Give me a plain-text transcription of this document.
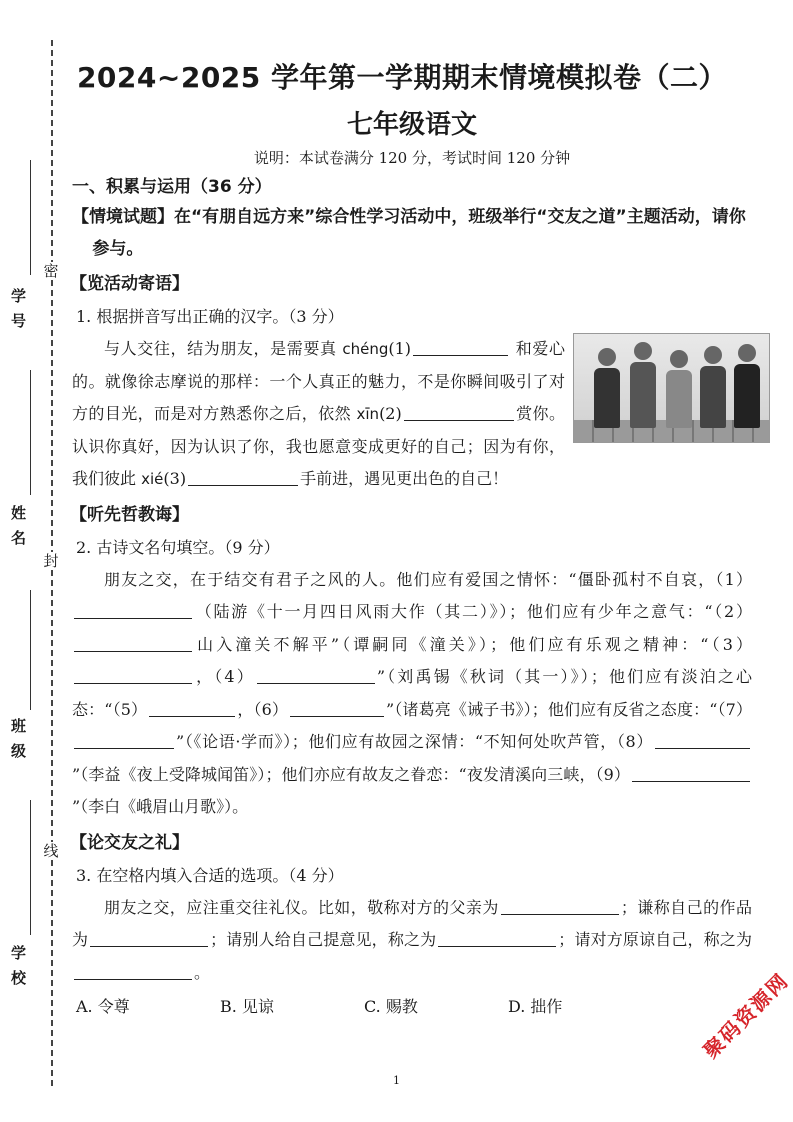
密
封
线
学号
姓名
班级
学校
2024~2025 学年第一学期期末情境模拟卷（二）
七年级语文
说明：本试卷满分 120 分，考试时间 120 分钟
一、积累与运用（36 分）
【情境试题】在“有朋自远方来”综合性学习活动中，班级举行“交友之道”主题活动，请你参与。
【览活动寄语】
1. 根据拼音写出正确的汉字。（3 分）
与人交往，结为朋友，是需要真 chéng(1)	和爱心的。就像徐志摩说的那样：一个人真正的魅力，不是你瞬间吸引了对方的目光，而是对方熟悉你之后，依然 xīn(2)	赏你。认识你真好，因为认识了你，我也愿意变成更好的自己；因为有你，我们彼此 xié(3)	手前进，遇见更出色的自己！
【听先哲教诲】
2. 古诗文名句填空。（9 分）
朋友之交，在于结交有君子之风的人。他们应有爱国之情怀：“僵卧孤村不自哀，（1）（陆游《十一月四日风雨大作（其二）》）；他们应有少年之意气：“（2）山入潼关不解平”（谭嗣同《潼关》）；他们应有乐观之精神：“（3），（4）	”（刘禹锡《秋词（其一）》）；他们应有淡泊之心态：“（5）	，（6）	”（诸葛亮《诫子书》）；他们应有反省之态度：“（7）”（《论语·学而》）；他们应有故园之深情：“不知何处吹芦管，（8）”（李益《夜上受降城闻笛》）；他们亦应有故友之眷恋：“夜发清溪向三峡，（9）”（李白《峨眉山月歌》）。
【论交友之礼】
3. 在空格内填入合适的选项。（4 分）
朋友之交，应注重交往礼仪。比如，敬称对方的父亲为	；谦称自己的作品为	；请别人给自己提意见，称之为	；请对方原谅自己，称之为。
A. 令尊	B. 见谅	C. 赐教	D. 拙作
1
聚码资源网
